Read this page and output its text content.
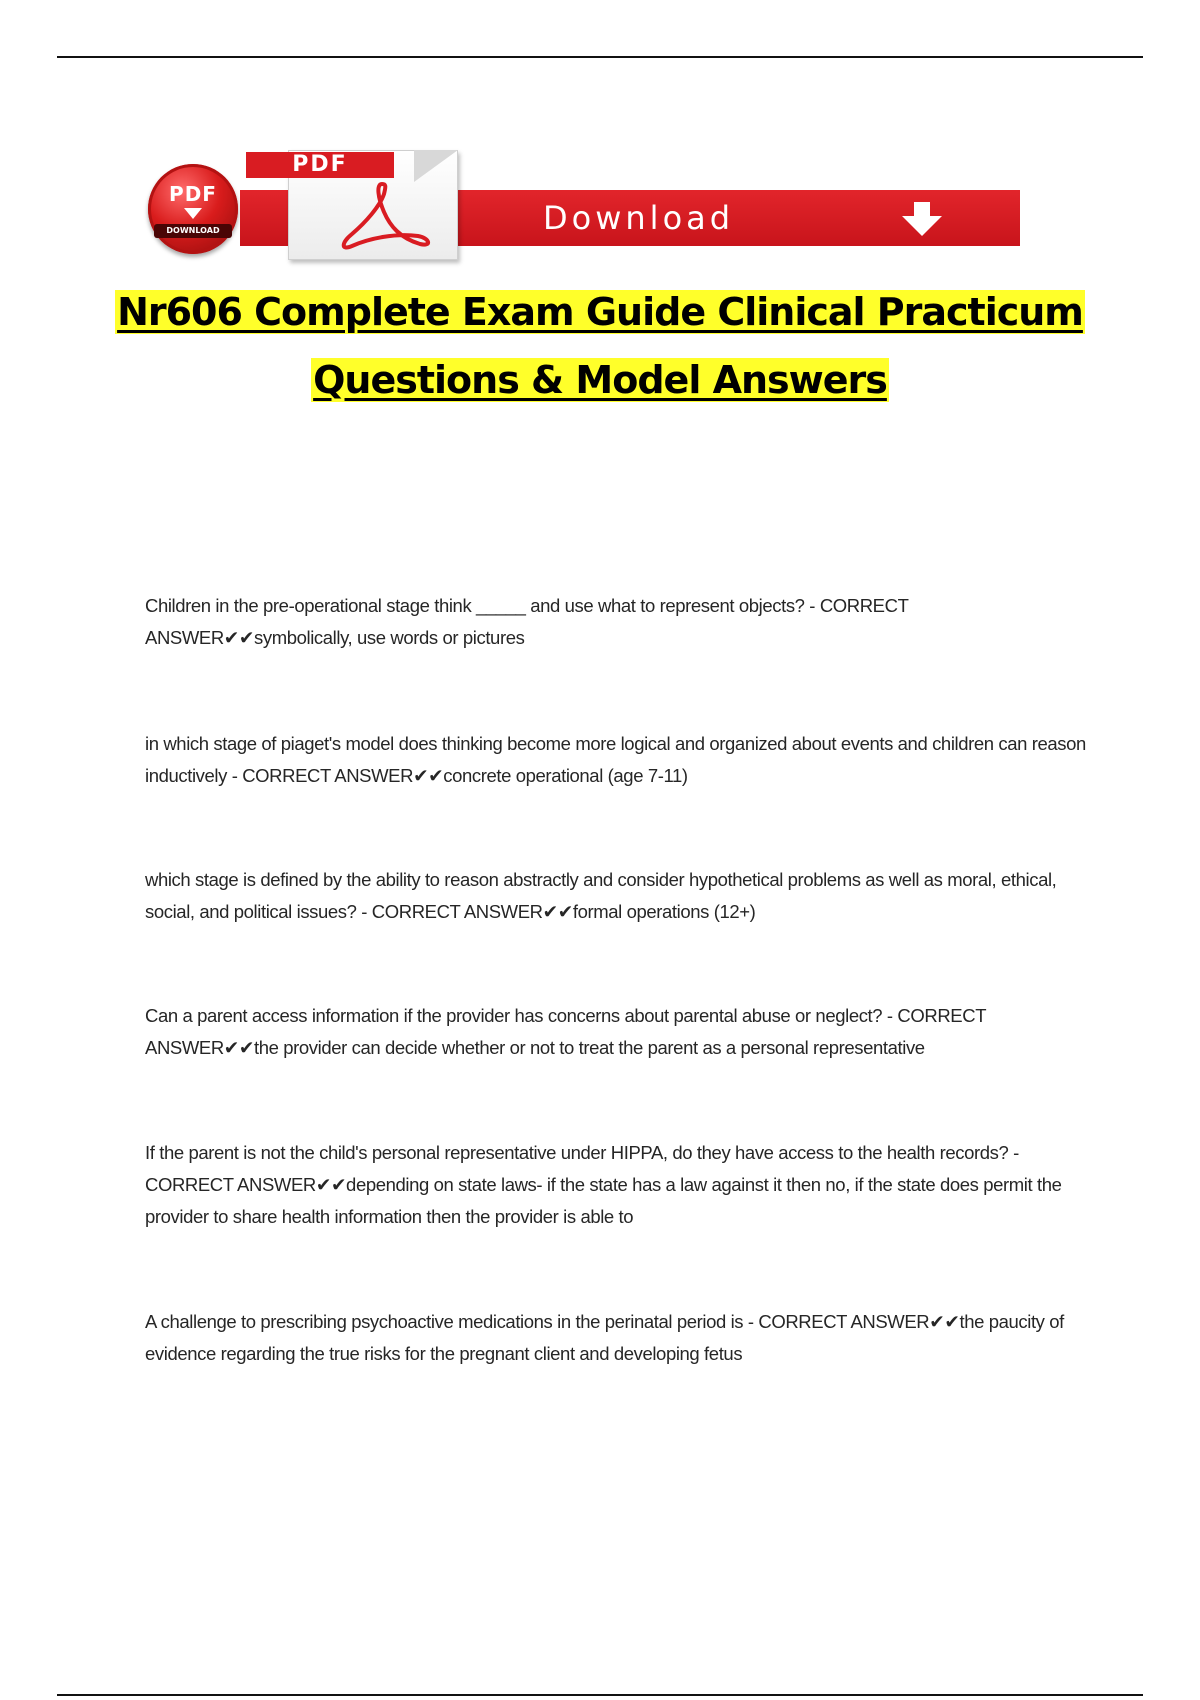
PDF
DOWNLOAD
PDF
Download
Nr606 Complete Exam Guide Clinical Practicum
Questions & Model Answers
Children in the pre-operational stage think _____ and use what to represent objects? - CORRECT ANSWER✔✔symbolically, use words or pictures
in which stage of piaget's model does thinking become more logical and organized about events and children can reason inductively - CORRECT ANSWER✔✔concrete operational (age 7-11)
which stage is defined by the ability to reason abstractly and consider hypothetical problems as well as moral, ethical, social, and political issues? - CORRECT ANSWER✔✔formal operations (12+)
Can a parent access information if the provider has concerns about parental abuse or neglect? - CORRECT ANSWER✔✔the provider can decide whether or not to treat the parent as a personal representative
If the parent is not the child's personal representative under HIPPA, do they have access to the health records? - CORRECT ANSWER✔✔depending on state laws- if the state has a law against it then no, if the state does permit the provider to share health information then the provider is able to
A challenge to prescribing psychoactive medications in the perinatal period is - CORRECT ANSWER✔✔the paucity of evidence regarding the true risks for the pregnant client and developing fetus
